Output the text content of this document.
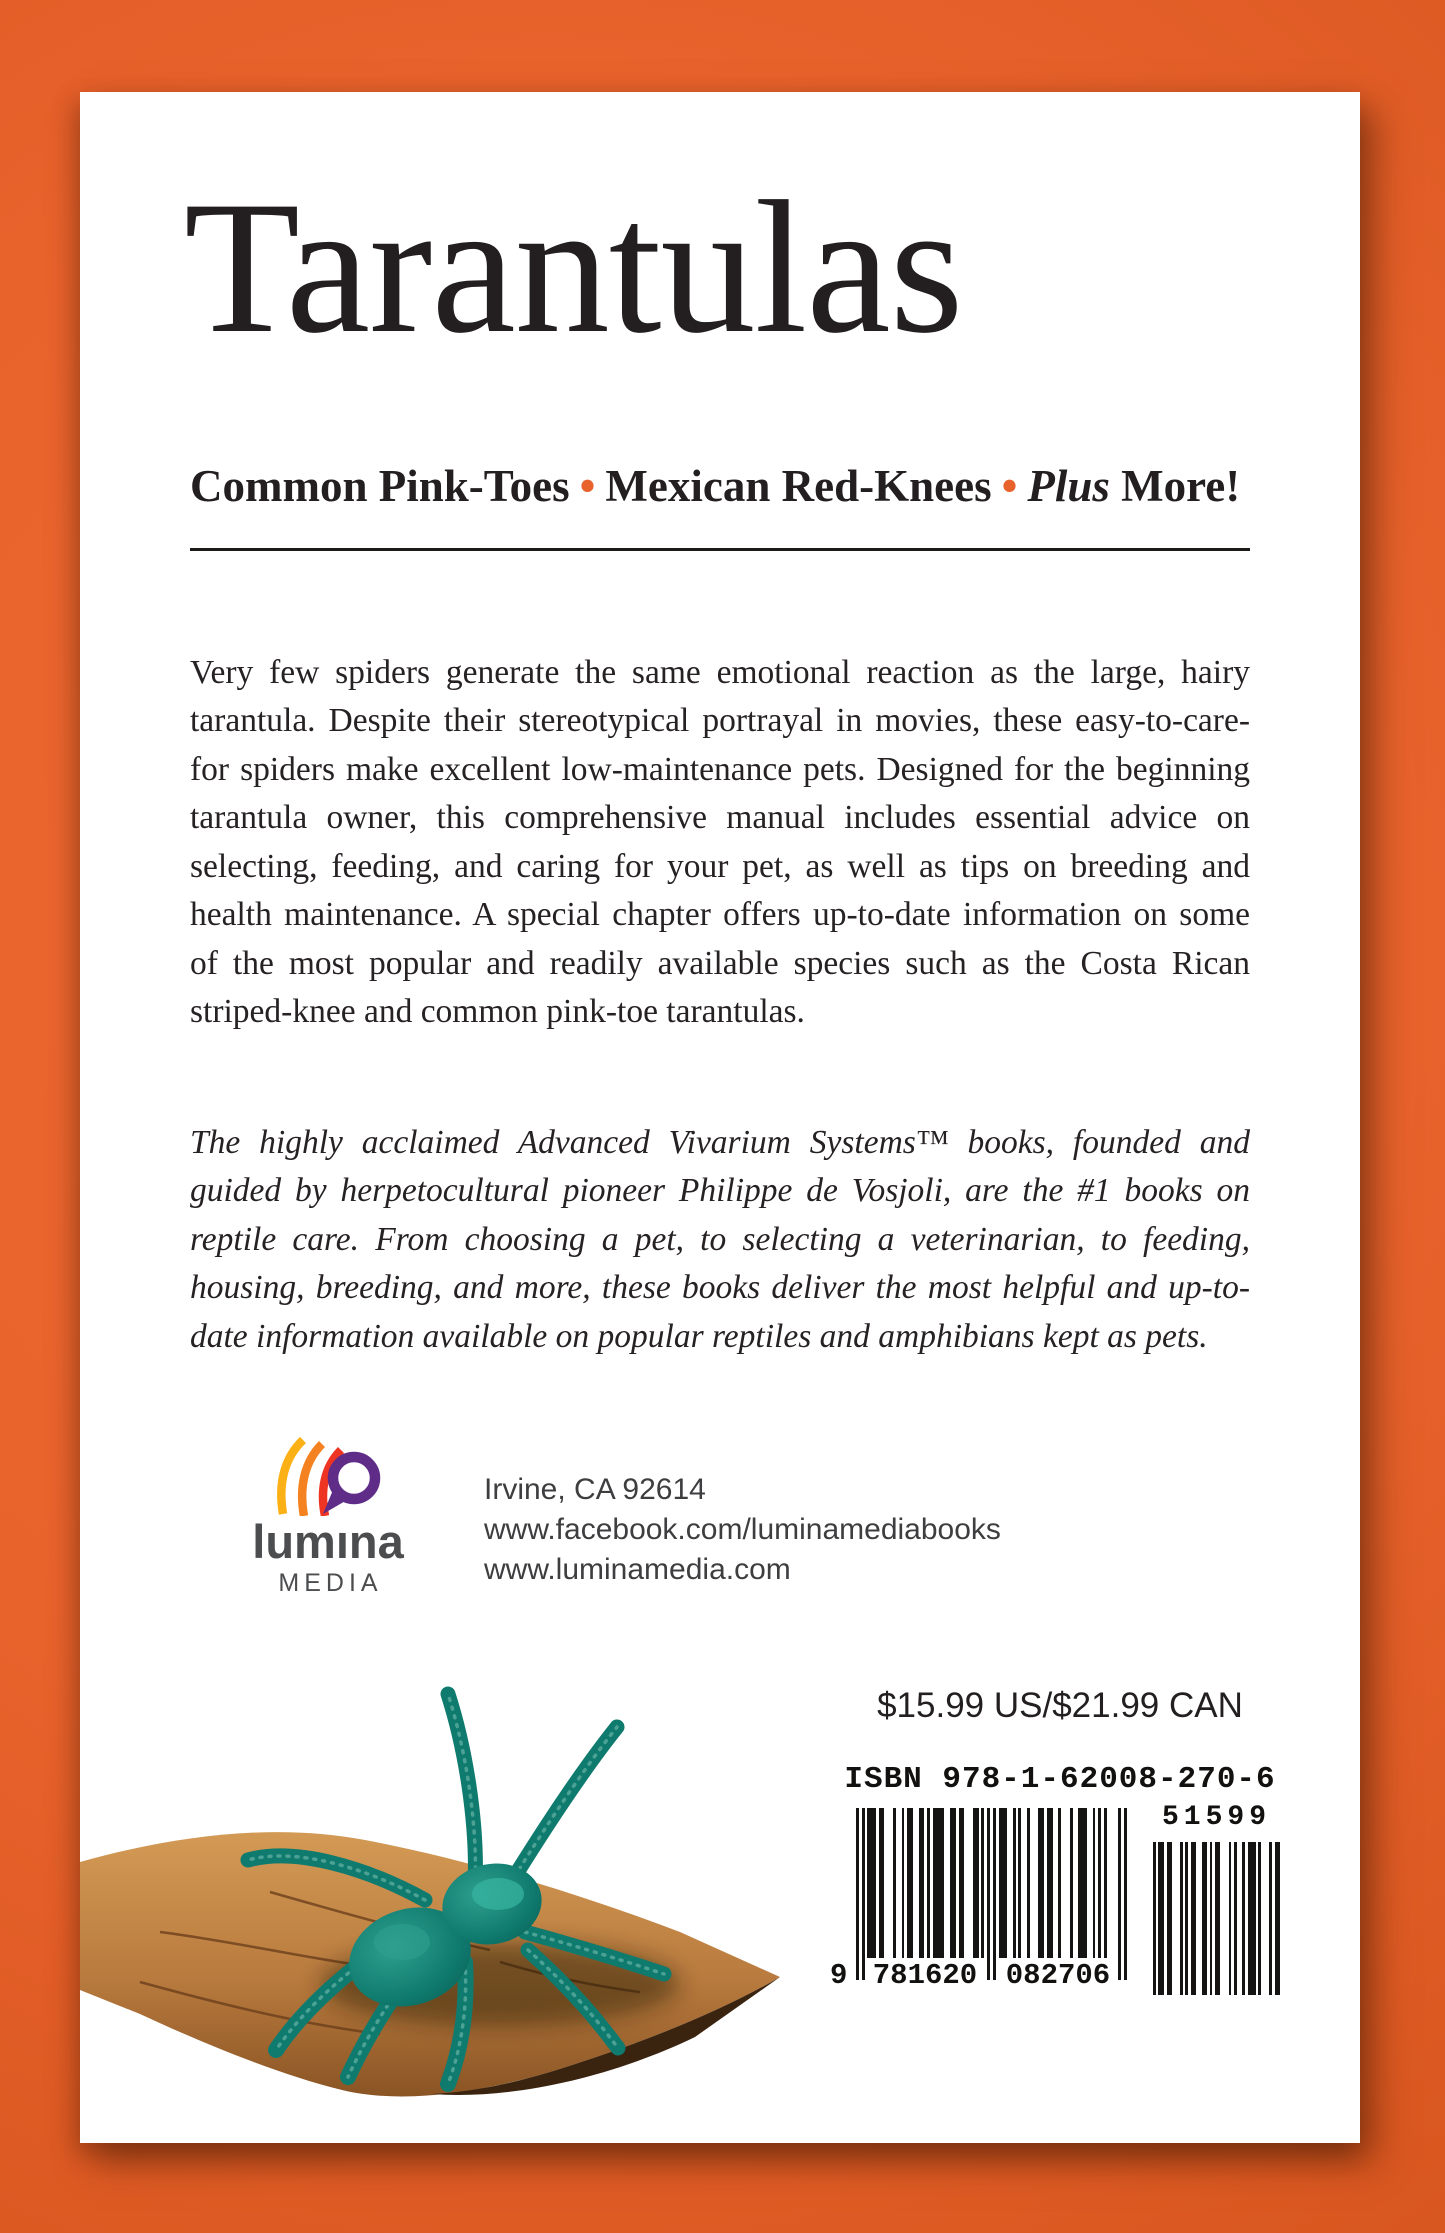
Tarantulas
Common Pink-Toes • Mexican Red-Knees • Plus More!

Very few spiders generate the same emotional reaction as the large, hairy tarantula. Despite their stereotypical portrayal in movies, these easy-to-care-for spiders make excellent low-maintenance pets. Designed for the beginning tarantula owner, this comprehensive manual includes essential advice on selecting, feeding, and caring for your pet, as well as tips on breeding and health maintenance. A special chapter offers up-to-date information on some of the most popular and readily available species such as the Costa Rican striped-knee and common pink-toe tarantulas.

The highly acclaimed Advanced Vivarium Systems™ books, founded and guided by herpetocultural pioneer Philippe de Vosjoli, are the #1 books on reptile care. From choosing a pet, to selecting a veterinarian, to feeding, housing, breeding, and more, these books deliver the most helpful and up-to-date information available on popular reptiles and amphibians kept as pets.

lumına
MEDIA
Irvine, CA 92614
www.facebook.com/luminamediabooks
www.luminamedia.com
$15.99 US/$21.99 CAN
ISBN 978-1-62008-270-6
9 781620 082706
51599
